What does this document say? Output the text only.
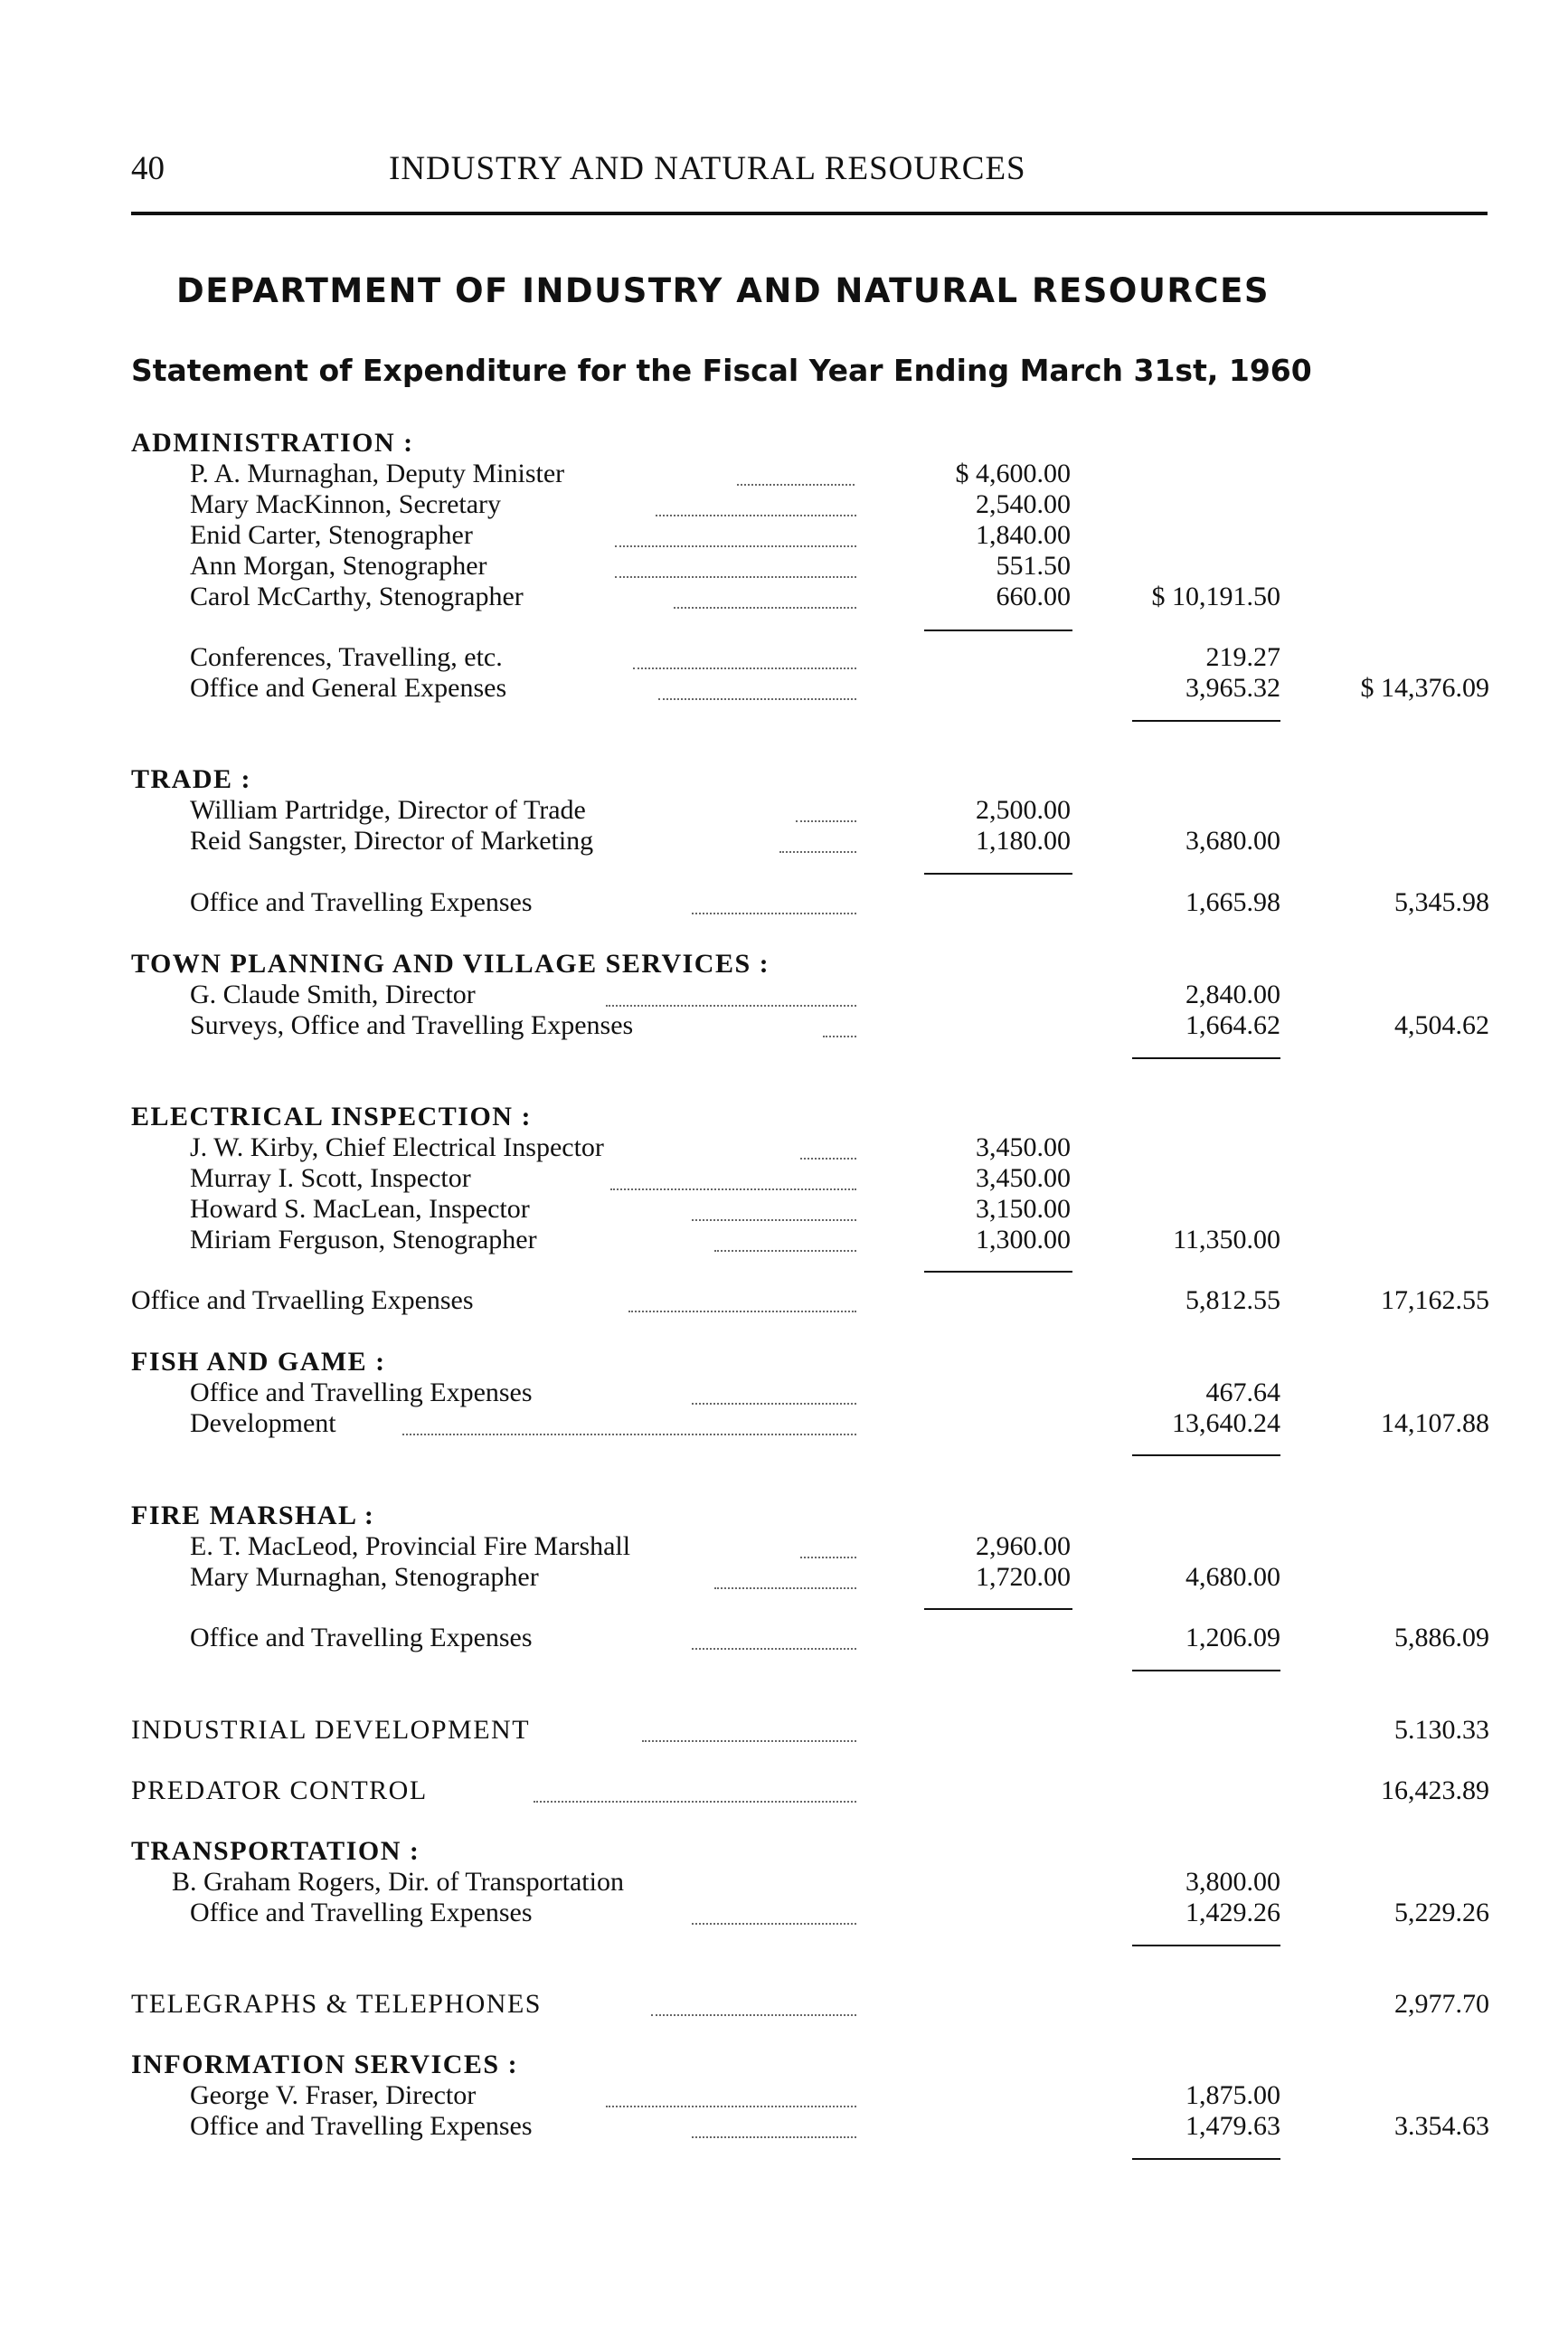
40	INDUSTRY AND NATURAL RESOURCES
DEPARTMENT OF INDUSTRY AND NATURAL RESOURCES
Statement of Expenditure for the Fiscal Year Ending March 31st, 1960
ADMINISTRATION :
P. A. Murnaghan, Deputy Minister	$ 4,600.00
Mary MacKinnon, Secretary	2,540.00
Enid Carter, Stenographer	1,840.00
Ann Morgan, Stenographer	551.50
Carol McCarthy, Stenographer	660.00	$ 10,191.50
Conferences, Travelling, etc.	219.27
Office and General Expenses	3,965.32	$ 14,376.09
TRADE :
William Partridge, Director of Trade	2,500.00
Reid Sangster, Director of Marketing	1,180.00	3,680.00
Office and Travelling Expenses	1,665.98	5,345.98
TOWN PLANNING AND VILLAGE SERVICES :
G. Claude Smith, Director	2,840.00
Surveys, Office and Travelling Expenses	1,664.62	4,504.62
ELECTRICAL INSPECTION :
J. W. Kirby, Chief Electrical Inspector	3,450.00
Murray I. Scott, Inspector	3,450.00
Howard S. MacLean, Inspector	3,150.00
Miriam Ferguson, Stenographer	1,300.00	11,350.00
Office and Trvaelling Expenses	5,812.55	17,162.55
FISH AND GAME :
Office and Travelling Expenses	467.64
Development	13,640.24	14,107.88
FIRE MARSHAL :
E. T. MacLeod, Provincial Fire Marshall	2,960.00
Mary Murnaghan, Stenographer	1,720.00	4,680.00
Office and Travelling Expenses	1,206.09	5,886.09
INDUSTRIAL DEVELOPMENT	5.130.33
PREDATOR CONTROL	16,423.89
TRANSPORTATION :
B. Graham Rogers, Dir. of Transportation	3,800.00
Office and Travelling Expenses	1,429.26	5,229.26
TELEGRAPHS & TELEPHONES	2,977.70
INFORMATION SERVICES :
George V. Fraser, Director	1,875.00
Office and Travelling Expenses	1,479.63	3.354.63
